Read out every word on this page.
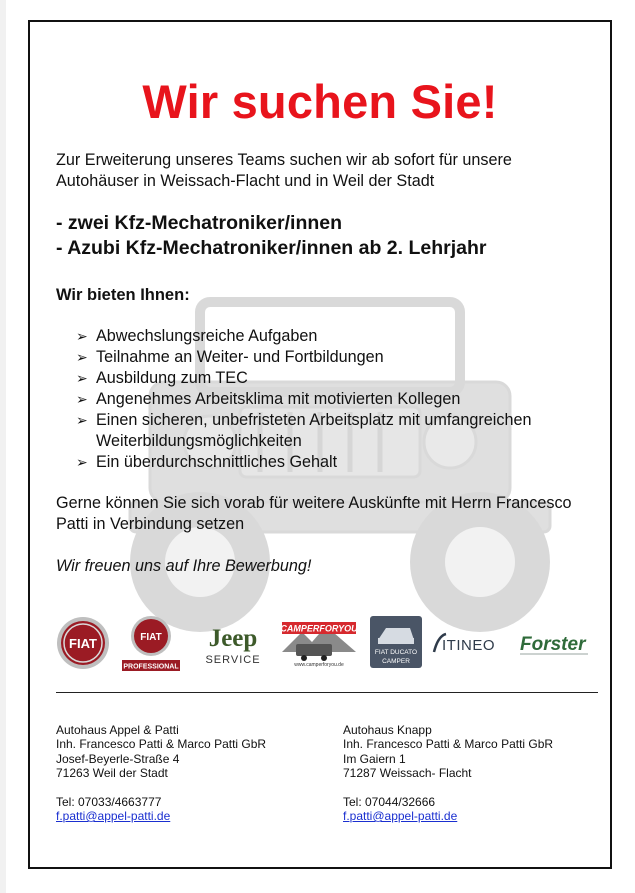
Wir suchen Sie!
Zur Erweiterung unseres Teams suchen wir ab sofort für unsere Autohäuser in Weissach-Flacht und in Weil der Stadt
- zwei Kfz-Mechatroniker/innen
- Azubi Kfz-Mechatroniker/innen ab 2. Lehrjahr
Wir bieten Ihnen:
➢ Abwechslungsreiche Aufgaben
➢ Teilnahme an Weiter- und Fortbildungen
➢ Ausbildung zum TEC
➢ Angenehmes Arbeitsklima mit motivierten Kollegen
➢ Einen sicheren, unbefristeten Arbeitsplatz mit umfangreichen Weiterbildungsmöglichkeiten
➢ Ein überdurchschnittliches Gehalt
Gerne können Sie sich vorab für weitere Auskünfte mit Herrn Francesco Patti in Verbindung setzen
Wir freuen uns auf Ihre Bewerbung!
FIAT	FIAT
PROFESSIONAL
Jeep
SERVICE
CAMPERFORYOU
www.camperforyou.de
FIAT DUCATO
CAMPER
ITINEO Forster
Autohaus Appel & Patti
Inh. Francesco Patti & Marco Patti GbR
Josef-Beyerle-Straße 4
71263 Weil der Stadt
Tel: 07033/4663777
f.patti@appel-patti.de
Autohaus Knapp
Inh. Francesco Patti & Marco Patti GbR
Im Gaiern 1
71287 Weissach- Flacht
Tel: 07044/32666
f.patti@appel-patti.de
